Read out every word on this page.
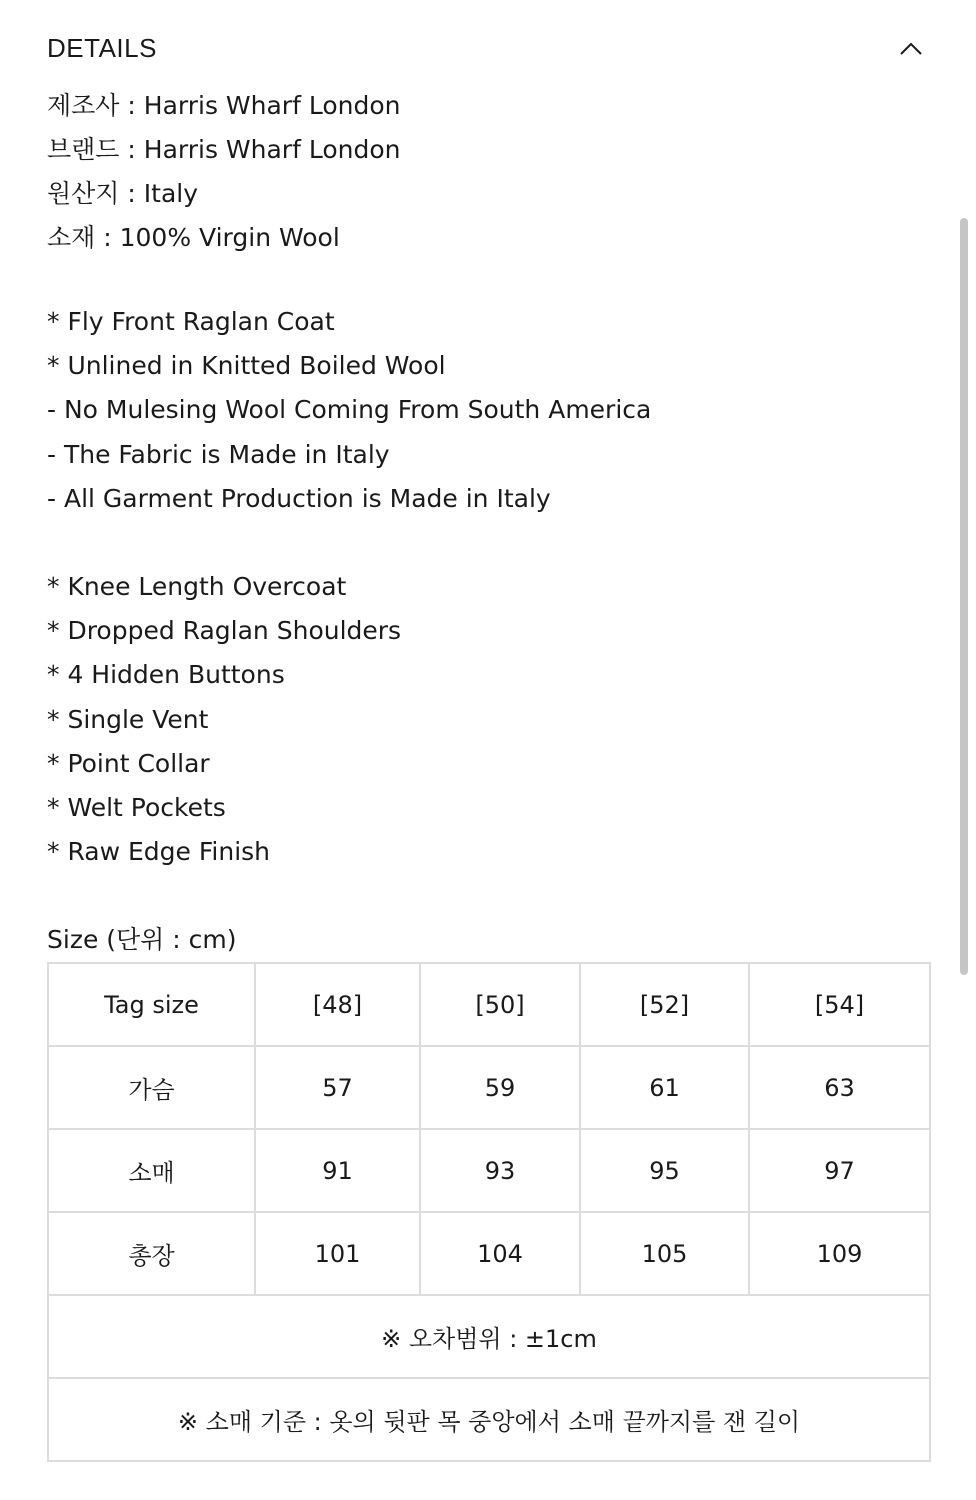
DETAILS
제조사 : Harris Wharf London
브랜드 : Harris Wharf London
원산지 : Italy
소재 : 100% Virgin Wool
* Fly Front Raglan Coat
* Unlined in Knitted Boiled Wool
- No Mulesing Wool Coming From South America
- The Fabric is Made in Italy
- All Garment Production is Made in Italy
* Knee Length Overcoat
* Dropped Raglan Shoulders
* 4 Hidden Buttons
* Single Vent
* Point Collar
* Welt Pockets
* Raw Edge Finish
Size (단위 : cm)
Tag size	[48]	[50]	[52]	[54]
가슴	57	59	61	63
소매	91	93	95	97
총장	101	104	105	109
※ 오차범위 : ±1cm				
※ 소매 기준 : 옷의 뒷판 목 중앙에서 소매 끝까지를 잰 길이				
